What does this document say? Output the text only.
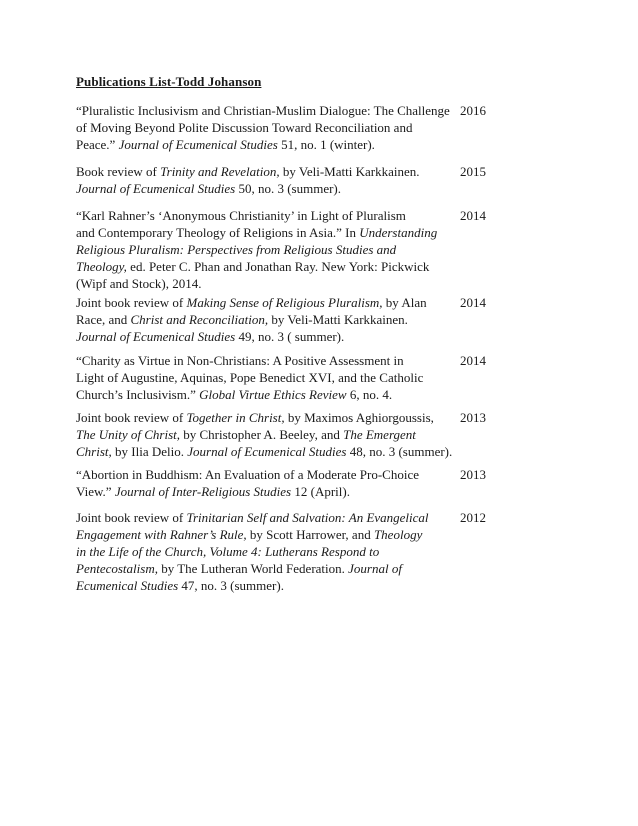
Publications List-Todd Johanson
“Pluralistic Inclusivism and Christian-Muslim Dialogue: The Challenge
of Moving Beyond Polite Discussion Toward Reconciliation and
Peace.” Journal of Ecumenical Studies 51, no. 1 (winter).
2016
Book review of Trinity and Revelation, by Veli-Matti Karkkainen.
Journal of Ecumenical Studies 50, no. 3 (summer).
2015
“Karl Rahner’s ‘Anonymous Christianity’ in Light of Pluralism
and Contemporary Theology of Religions in Asia.” In Understanding
Religious Pluralism: Perspectives from Religious Studies and
Theology, ed. Peter C. Phan and Jonathan Ray. New York: Pickwick
(Wipf and Stock), 2014.
2014
Joint book review of Making Sense of Religious Pluralism, by Alan
Race, and Christ and Reconciliation, by Veli-Matti Karkkainen.
Journal of Ecumenical Studies 49, no. 3 ( summer).
2014
“Charity as Virtue in Non-Christians: A Positive Assessment in
Light of Augustine, Aquinas, Pope Benedict XVI, and the Catholic
Church’s Inclusivism.” Global Virtue Ethics Review 6, no. 4.
2014
Joint book review of Together in Christ, by Maximos Aghiorgoussis,
The Unity of Christ, by Christopher A. Beeley, and The Emergent
Christ, by Ilia Delio. Journal of Ecumenical Studies 48, no. 3 (summer).
2013
“Abortion in Buddhism: An Evaluation of a Moderate Pro-Choice
View.” Journal of Inter-Religious Studies 12 (April).
2013
Joint book review of Trinitarian Self and Salvation: An Evangelical
Engagement with Rahner’s Rule, by Scott Harrower, and Theology
in the Life of the Church, Volume 4: Lutherans Respond to
Pentecostalism, by The Lutheran World Federation. Journal of
Ecumenical Studies 47, no. 3 (summer).
2012
